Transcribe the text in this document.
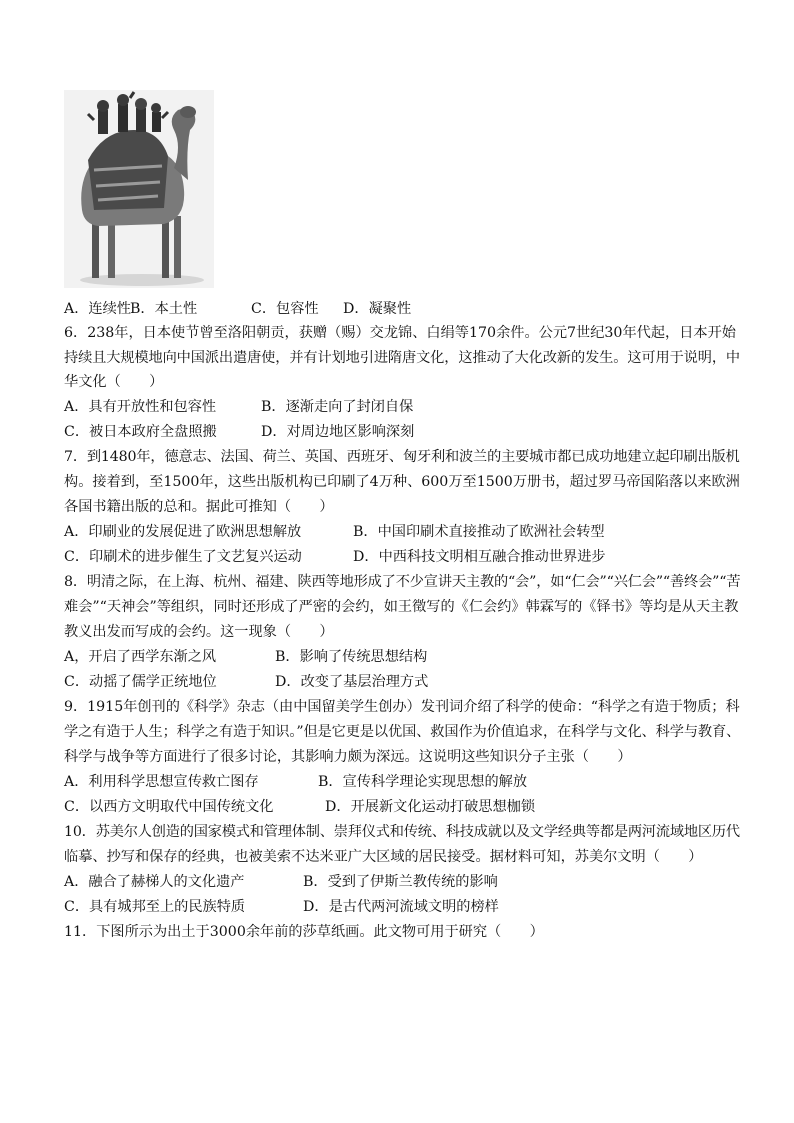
A．连续性 B．本土性	C．包容性 D．凝聚性
6．238年，日本使节曾至洛阳朝贡，获赠（赐）交龙锦、白绢等170余件。公元7世纪30年代起，日本开始
持续且大规模地向中国派出遣唐使，并有计划地引进隋唐文化，这推动了大化改新的发生。这可用于说明，中
华文化（　　）
A．具有开放性和包容性	B．逐渐走向了封闭自保
C．被日本政府全盘照搬	D．对周边地区影响深刻
7．到1480年，德意志、法国、荷兰、英国、西班牙、匈牙利和波兰的主要城市都已成功地建立起印刷出版机
构。接着到，至1500年，这些出版机构已印刷了4万种、600万至1500万册书，超过罗马帝国陷落以来欧洲
各国书籍出版的总和。据此可推知（　　）
A．印刷业的发展促进了欧洲思想解放	B．中国印刷术直接推动了欧洲社会转型
C．印刷术的进步催生了文艺复兴运动	D．中西科技文明相互融合推动世界进步
8．明清之际，在上海、杭州、福建、陕西等地形成了不少宣讲天主教的“会”，如“仁会”“兴仁会”“善终会”“苦
难会”“天神会”等组织，同时还形成了严密的会约，如王徵写的《仁会约》韩霖写的《铎书》等均是从天主教
教义出发而写成的会约。这一现象（　　）
A，开启了西学东渐之风	B．影响了传统思想结构
C．动摇了儒学正统地位	D．改变了基层治理方式
9．1915年创刊的《科学》杂志（由中国留美学生创办）发刊词介绍了科学的使命：“科学之有造于物质；科
学之有造于人生；科学之有造于知识。”但是它更是以优国、救国作为价值追求，在科学与文化、科学与教育、
科学与战争等方面进行了很多讨论，其影响力颇为深远。这说明这些知识分子主张（　　）
A．利用科学思想宣传救亡图存	B．宣传科学理论实现思想的解放
C．以西方文明取代中国传统文化	D．开展新文化运动打破思想枷锁
10．苏美尔人创造的国家模式和管理体制、崇拜仪式和传统、科技成就以及文学经典等都是两河流域地区历代
临摹、抄写和保存的经典，也被美索不达米亚广大区域的居民接受。据材料可知，苏美尔文明（　　）
A．融合了赫梯人的文化遗产	B．受到了伊斯兰教传统的影响
C．具有城邦至上的民族特质	D．是古代两河流域文明的榜样
11．下图所示为出土于3000余年前的莎草纸画。此文物可用于研究（　　）
